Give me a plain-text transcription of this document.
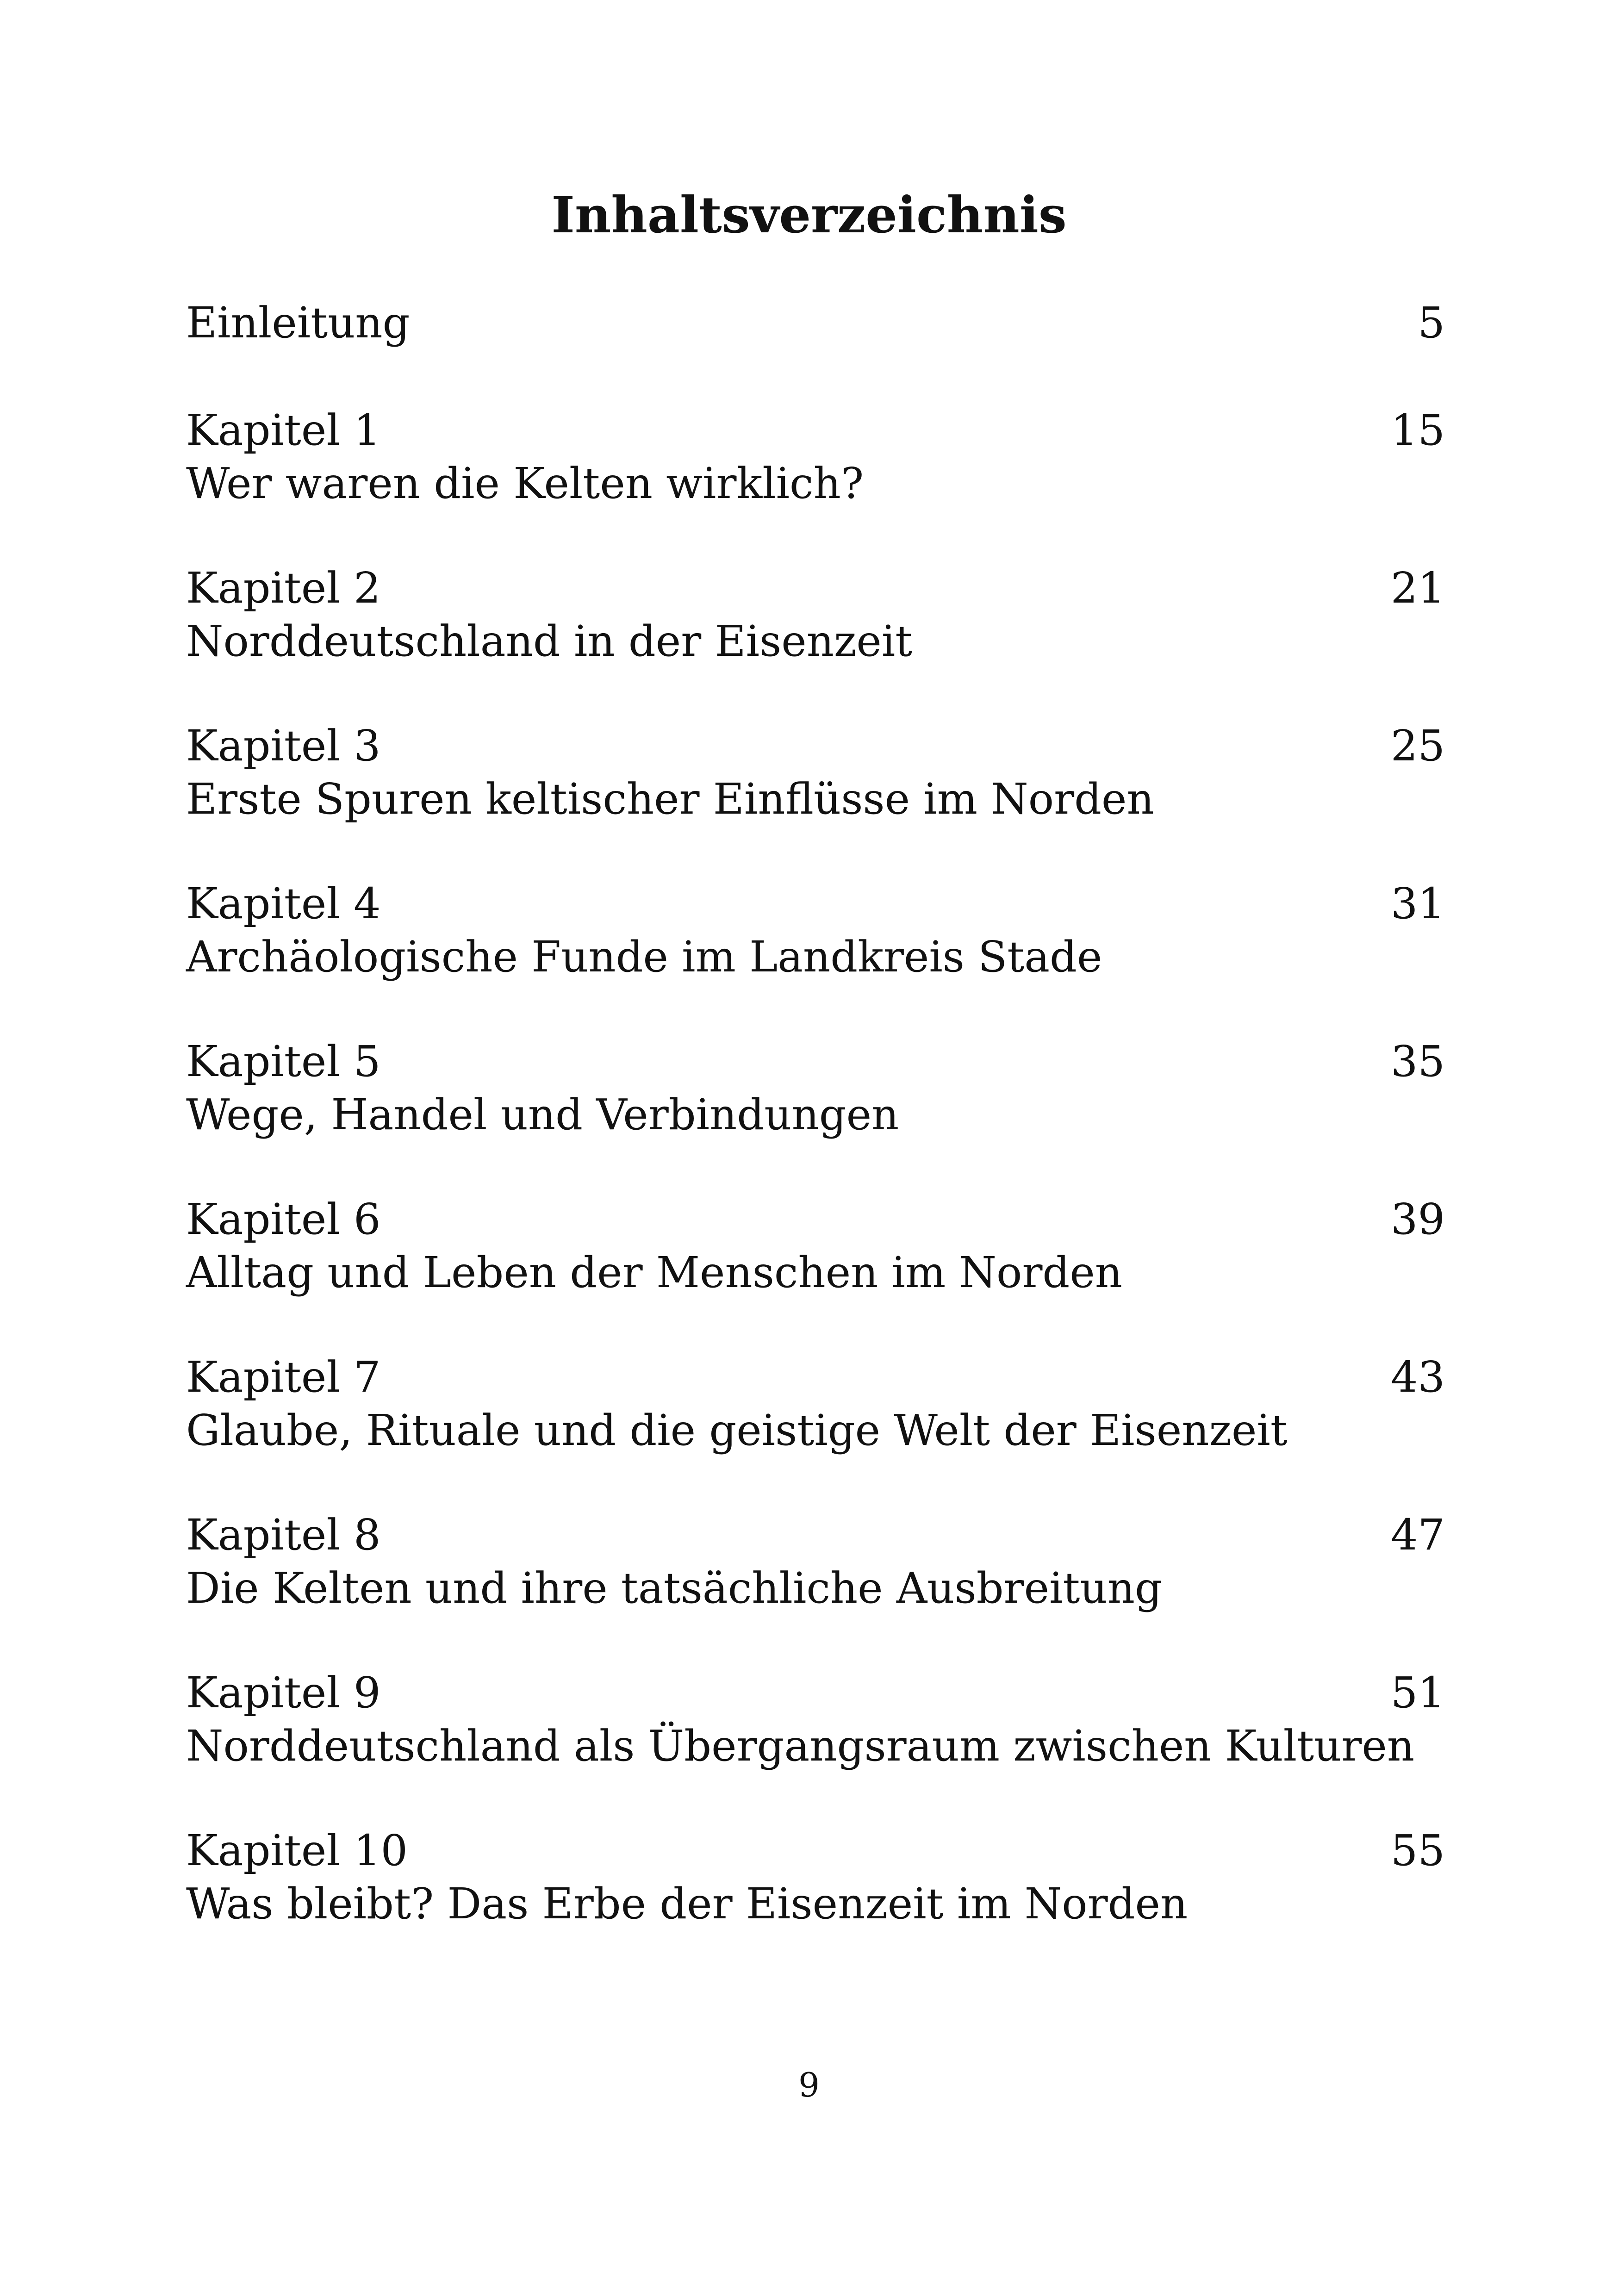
Inhaltsverzeichnis
Einleitung	5
Kapitel 1	15
Wer waren die Kelten wirklich?
Kapitel 2	21
Norddeutschland in der Eisenzeit
Kapitel 3	25
Erste Spuren keltischer Einflüsse im Norden
Kapitel 4	31
Archäologische Funde im Landkreis Stade
Kapitel 5	35
Wege, Handel und Verbindungen
Kapitel 6	39
Alltag und Leben der Menschen im Norden
Kapitel 7	43
Glaube, Rituale und die geistige Welt der Eisenzeit
Kapitel 8	47
Die Kelten und ihre tatsächliche Ausbreitung
Kapitel 9	51
Norddeutschland als Übergangsraum zwischen Kulturen
Kapitel 10	55
Was bleibt? Das Erbe der Eisenzeit im Norden
9
